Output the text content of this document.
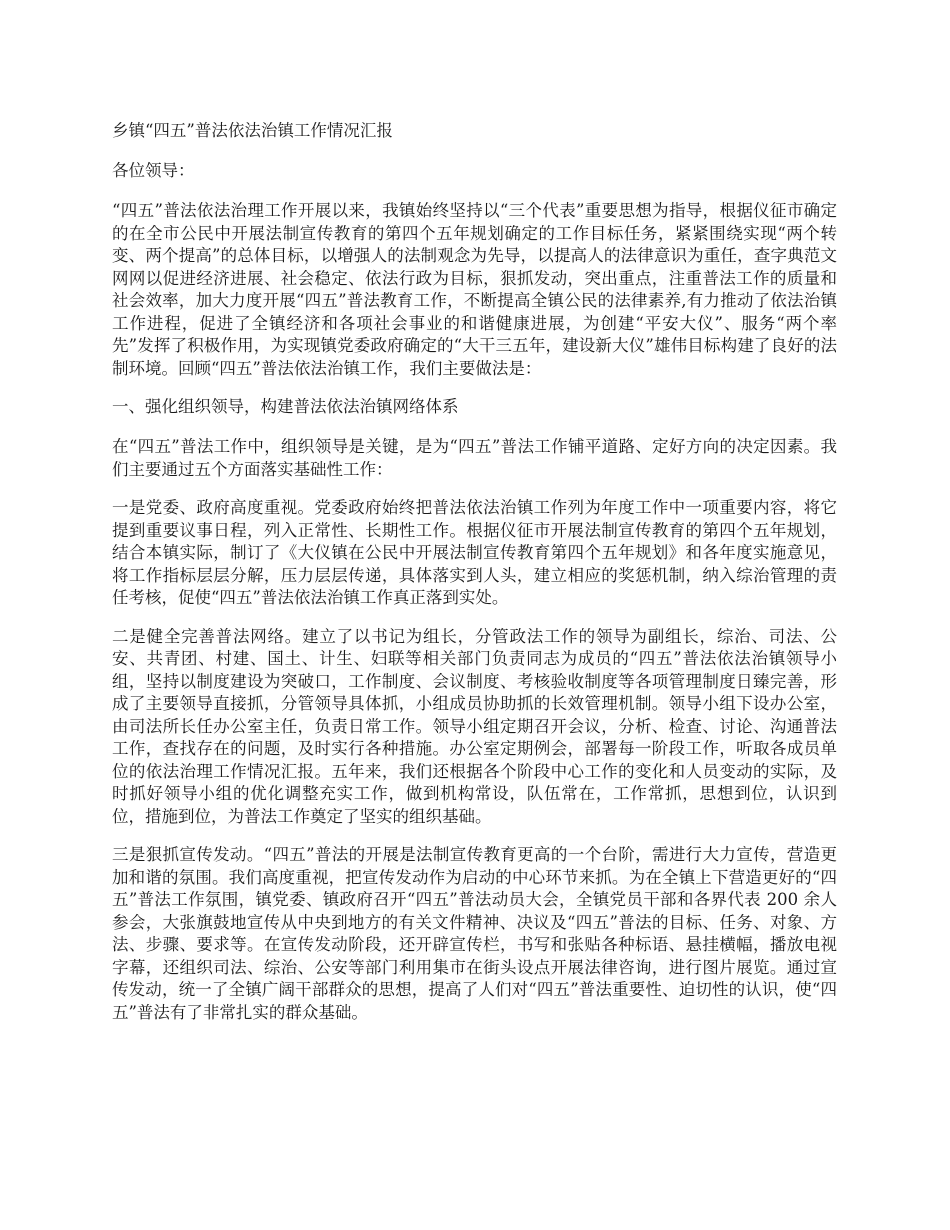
乡镇“四五”普法依法治镇工作情况汇报
各位领导：

“四五”普法依法治理工作开展以来，我镇始终坚持以“三个代表”重要思想为指导，根据仪征市确定的在全市公民中开展法制宣传教育的第四个五年规划确定的工作目标任务，紧紧围绕实现“两个转变、两个提高”的总体目标，以增强人的法制观念为先导，以提高人的法律意识为重任，查字典范文网网以促进经济进展、社会稳定、依法行政为目标，狠抓发动，突出重点，注重普法工作的质量和社会效率，加大力度开展“四五”普法教育工作，不断提高全镇公民的法律素养,有力推动了依法治镇工作进程，促进了全镇经济和各项社会事业的和谐健康进展，为创建“平安大仪”、服务“两个率先”发挥了积极作用，为实现镇党委政府确定的“大干三五年，建设新大仪”雄伟目标构建了良好的法制环境。回顾“四五”普法依法治镇工作，我们主要做法是：

一、强化组织领导，构建普法依法治镇网络体系

在“四五”普法工作中，组织领导是关键，是为“四五”普法工作铺平道路、定好方向的决定因素。我们主要通过五个方面落实基础性工作：

一是党委、政府高度重视。党委政府始终把普法依法治镇工作列为年度工作中一项重要内容，将它提到重要议事日程，列入正常性、长期性工作。根据仪征市开展法制宣传教育的第四个五年规划，结合本镇实际，制订了《大仪镇在公民中开展法制宣传教育第四个五年规划》和各年度实施意见，将工作指标层层分解，压力层层传递，具体落实到人头，建立相应的奖惩机制，纳入综治管理的责任考核，促使“四五”普法依法治镇工作真正落到实处。

二是健全完善普法网络。建立了以书记为组长，分管政法工作的领导为副组长，综治、司法、公安、共青团、村建、国土、计生、妇联等相关部门负责同志为成员的“四五”普法依法治镇领导小组，坚持以制度建设为突破口，工作制度、会议制度、考核验收制度等各项管理制度日臻完善，形成了主要领导直接抓，分管领导具体抓，小组成员协助抓的长效管理机制。领导小组下设办公室，由司法所长任办公室主任，负责日常工作。领导小组定期召开会议，分析、检查、讨论、沟通普法工作，查找存在的问题，及时实行各种措施。办公室定期例会，部署每一阶段工作，听取各成员单位的依法治理工作情况汇报。五年来，我们还根据各个阶段中心工作的变化和人员变动的实际，及时抓好领导小组的优化调整充实工作，做到机构常设，队伍常在，工作常抓，思想到位，认识到位，措施到位，为普法工作奠定了坚实的组织基础。

三是狠抓宣传发动。“四五”普法的开展是法制宣传教育更高的一个台阶，需进行大力宣传，营造更加和谐的氛围。我们高度重视，把宣传发动作为启动的中心环节来抓。为在全镇上下营造更好的“四五”普法工作氛围，镇党委、镇政府召开“四五”普法动员大会，全镇党员干部和各界代表 200 余人参会，大张旗鼓地宣传从中央到地方的有关文件精神、决议及“四五”普法的目标、任务、对象、方法、步骤、要求等。在宣传发动阶段，还开辟宣传栏，书写和张贴各种标语、悬挂横幅，播放电视字幕，还组织司法、综治、公安等部门利用集市在街头设点开展法律咨询，进行图片展览。通过宣传发动，统一了全镇广阔干部群众的思想，提高了人们对“四五”普法重要性、迫切性的认识，使“四五”普法有了非常扎实的群众基础。
